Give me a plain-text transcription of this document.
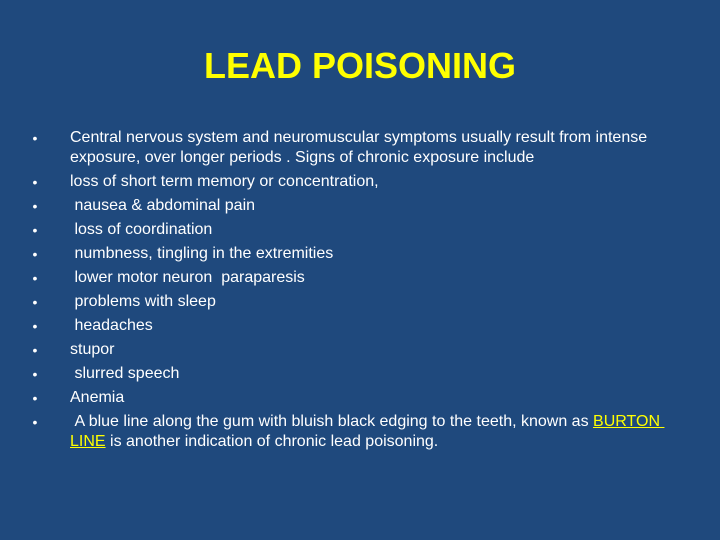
LEAD POISONING
• Central nervous system and neuromuscular symptoms usually result from intense exposure, over longer periods . Signs of chronic exposure include
• loss of short term memory or concentration,
• nausea & abdominal pain
• loss of coordination
• numbness, tingling in the extremities
• lower motor neuron  paraparesis
• problems with sleep
• headaches
• stupor
• slurred speech
• Anemia
• A blue line along the gum with bluish black edging to the teeth, known as BURTON LINE is another indication of chronic lead poisoning.
